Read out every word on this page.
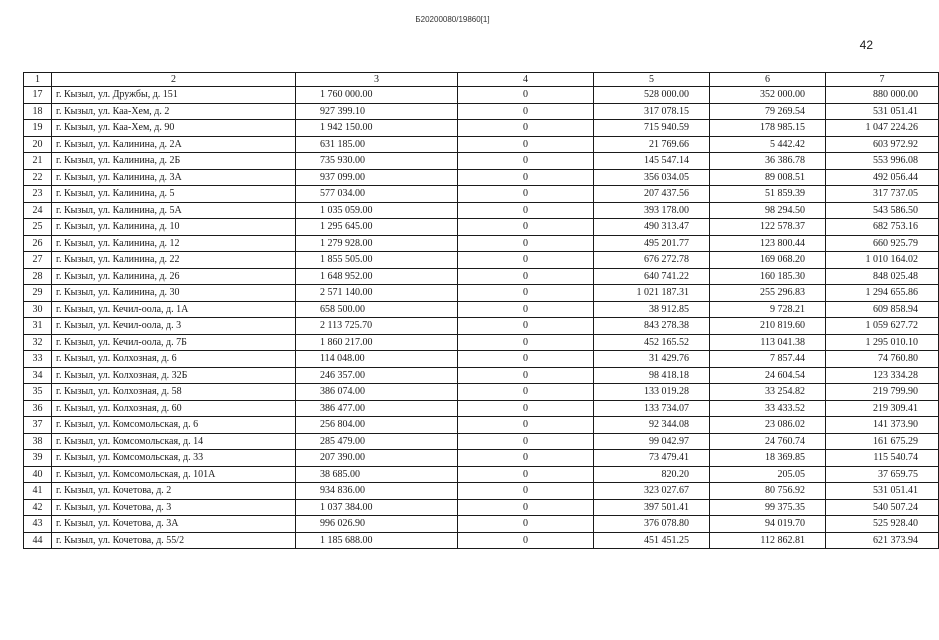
Б20200080/19860[1]
42
1	2	3	4	5	6	7
17	г. Кызыл, ул. Дружбы, д. 151	1 760 000.00	0	528 000.00	352 000.00	880 000.00
18	г. Кызыл, ул. Каа-Хем, д. 2	927 399.10	0	317 078.15	79 269.54	531 051.41
19	г. Кызыл, ул. Каа-Хем, д. 90	1 942 150.00	0	715 940.59	178 985.15	1 047 224.26
20	г. Кызыл, ул. Калинина, д. 2А	631 185.00	0	21 769.66	5 442.42	603 972.92
21	г. Кызыл, ул. Калинина, д. 2Б	735 930.00	0	145 547.14	36 386.78	553 996.08
22	г. Кызыл, ул. Калинина, д. 3А	937 099.00	0	356 034.05	89 008.51	492 056.44
23	г. Кызыл, ул. Калинина, д. 5	577 034.00	0	207 437.56	51 859.39	317 737.05
24	г. Кызыл, ул. Калинина, д. 5А	1 035 059.00	0	393 178.00	98 294.50	543 586.50
25	г. Кызыл, ул. Калинина, д. 10	1 295 645.00	0	490 313.47	122 578.37	682 753.16
26	г. Кызыл, ул. Калинина, д. 12	1 279 928.00	0	495 201.77	123 800.44	660 925.79
27	г. Кызыл, ул. Калинина, д. 22	1 855 505.00	0	676 272.78	169 068.20	1 010 164.02
28	г. Кызыл, ул. Калинина, д. 26	1 648 952.00	0	640 741.22	160 185.30	848 025.48
29	г. Кызыл, ул. Калинина, д. 30	2 571 140.00	0	1 021 187.31	255 296.83	1 294 655.86
30	г. Кызыл, ул. Кечил-оола, д. 1А	658 500.00	0	38 912.85	9 728.21	609 858.94
31	г. Кызыл, ул. Кечил-оола, д. 3	2 113 725.70	0	843 278.38	210 819.60	1 059 627.72
32	г. Кызыл, ул. Кечил-оола, д. 7Б	1 860 217.00	0	452 165.52	113 041.38	1 295 010.10
33	г. Кызыл, ул. Колхозная, д. 6	114 048.00	0	31 429.76	7 857.44	74 760.80
34	г. Кызыл, ул. Колхозная, д. 32Б	246 357.00	0	98 418.18	24 604.54	123 334.28
35	г. Кызыл, ул. Колхозная, д. 58	386 074.00	0	133 019.28	33 254.82	219 799.90
36	г. Кызыл, ул. Колхозная, д. 60	386 477.00	0	133 734.07	33 433.52	219 309.41
37	г. Кызыл, ул. Комсомольская, д. 6	256 804.00	0	92 344.08	23 086.02	141 373.90
38	г. Кызыл, ул. Комсомольская, д. 14	285 479.00	0	99 042.97	24 760.74	161 675.29
39	г. Кызыл, ул. Комсомольская, д. 33	207 390.00	0	73 479.41	18 369.85	115 540.74
40	г. Кызыл, ул. Комсомольская, д. 101А	38 685.00	0	820.20	205.05	37 659.75
41	г. Кызыл, ул. Кочетова, д. 2	934 836.00	0	323 027.67	80 756.92	531 051.41
42	г. Кызыл, ул. Кочетова, д. 3	1 037 384.00	0	397 501.41	99 375.35	540 507.24
43	г. Кызыл, ул. Кочетова, д. 3А	996 026.90	0	376 078.80	94 019.70	525 928.40
44	г. Кызыл, ул. Кочетова, д. 55/2	1 185 688.00	0	451 451.25	112 862.81	621 373.94
